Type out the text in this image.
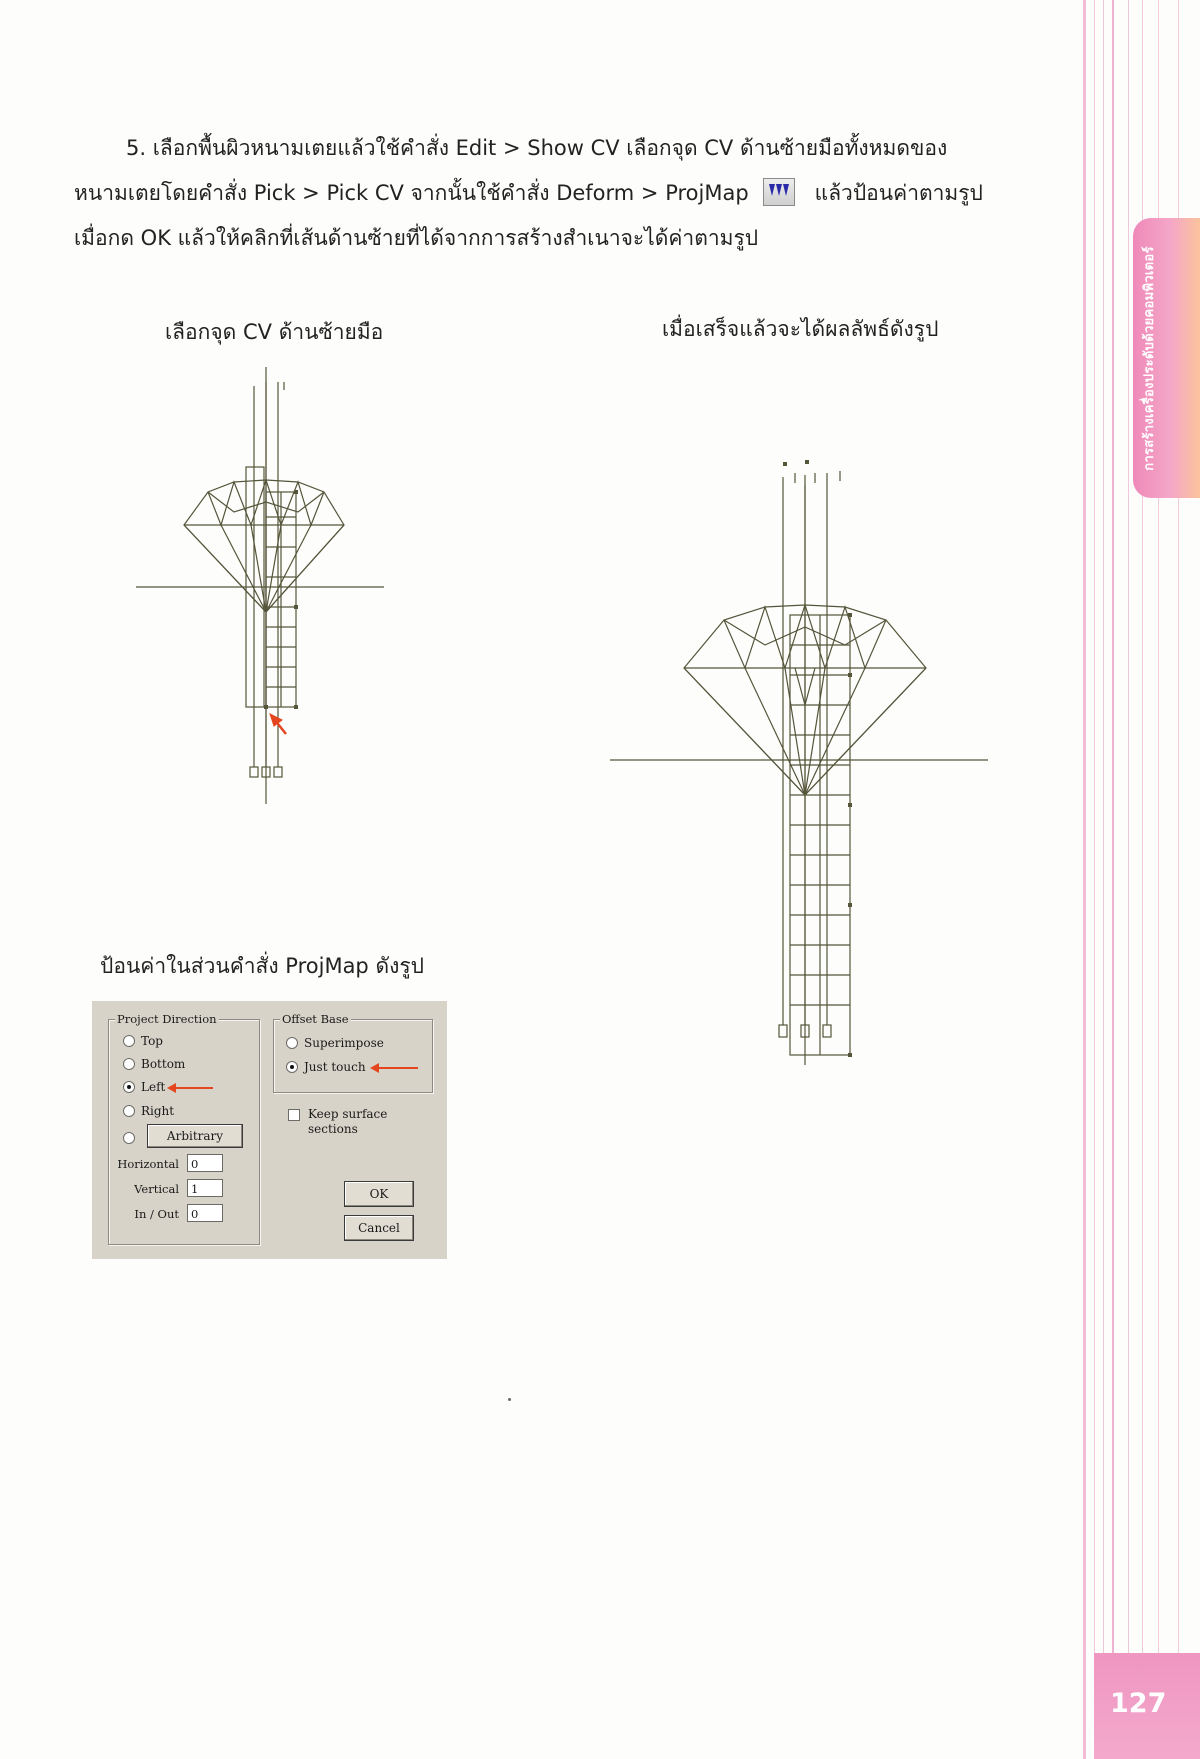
การสร้างเครื่องประดับด้วยคอมพิวเตอร์
5. เลือกพื้นผิวหนามเตยแล้วใช้คำสั่ง Edit > Show CV เลือกจุด CV ด้านซ้ายมือทั้งหมดของ
หนามเตยโดยคำสั่ง Pick > Pick CV จากนั้นใช้คำสั่ง Deform > ProjMap	แล้วป้อนค่าตามรูป
เมื่อกด OK แล้วให้คลิกที่เส้นด้านซ้ายที่ได้จากการสร้างสำเนาจะได้ค่าตามรูป
เลือกจุด CV ด้านซ้ายมือ	เมื่อเสร็จแล้วจะได้ผลลัพธ์ดังรูป
ป้อนค่าในส่วนคำสั่ง ProjMap ดังรูป
Project Direction
Top
Bottom
Left
Right
Arbitrary
Horizontal	0
Vertical	1
In / Out	0
Offset Base
Superimpose
Just touch
Keep surface
sections
OK
Cancel
127
